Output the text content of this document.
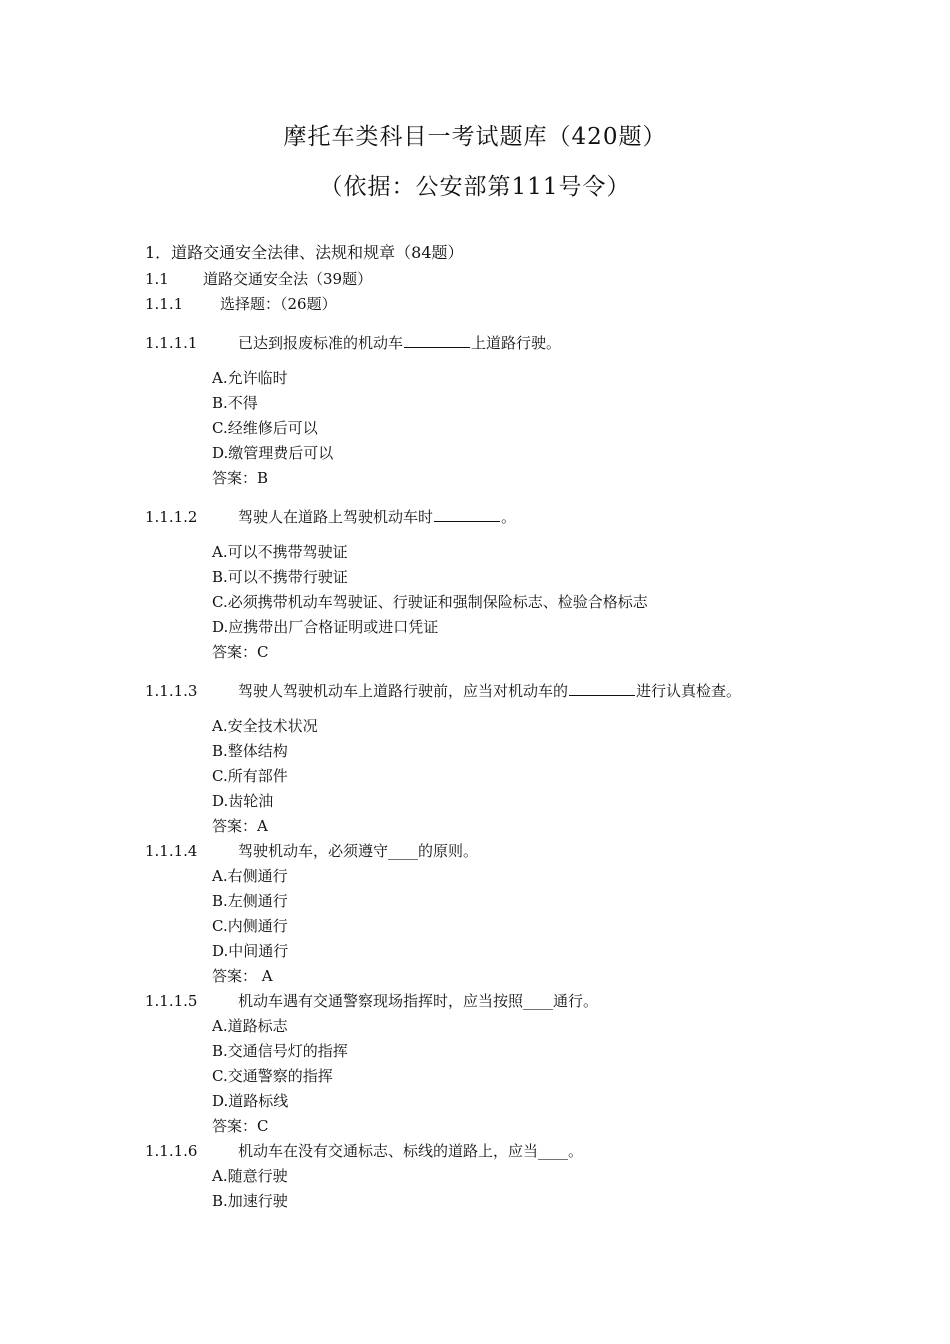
摩托车类科目一考试题库（420题）
（依据：公安部第111号令）
1．道路交通安全法律、法规和规章（84题）
1.1 道路交通安全法（39题）
1.1.1 选择题：（26题）
1.1.1.1	已达到报废标准的机动车	上道路行驶。
A.允许临时
B.不得
C.经维修后可以
D.缴管理费后可以
答案：B
1.1.1.2	驾驶人在道路上驾驶机动车时	。
A.可以不携带驾驶证
B.可以不携带行驶证
C.必须携带机动车驾驶证、行驶证和强制保险标志、检验合格标志
D.应携带出厂合格证明或进口凭证
答案：C
1.1.1.3	驾驶人驾驶机动车上道路行驶前，应当对机动车的	进行认真检查。
A.安全技术状况
B.整体结构
C.所有部件
D.齿轮油
答案：A
1.1.1.4	驾驶机动车，必须遵守____的原则。
A.右侧通行
B.左侧通行
C.内侧通行
D.中间通行
答案： A
1.1.1.5	机动车遇有交通警察现场指挥时，应当按照____通行。
A.道路标志
B.交通信号灯的指挥
C.交通警察的指挥
D.道路标线
答案：C
1.1.1.6	机动车在没有交通标志、标线的道路上，应当____。
A.随意行驶
B.加速行驶
